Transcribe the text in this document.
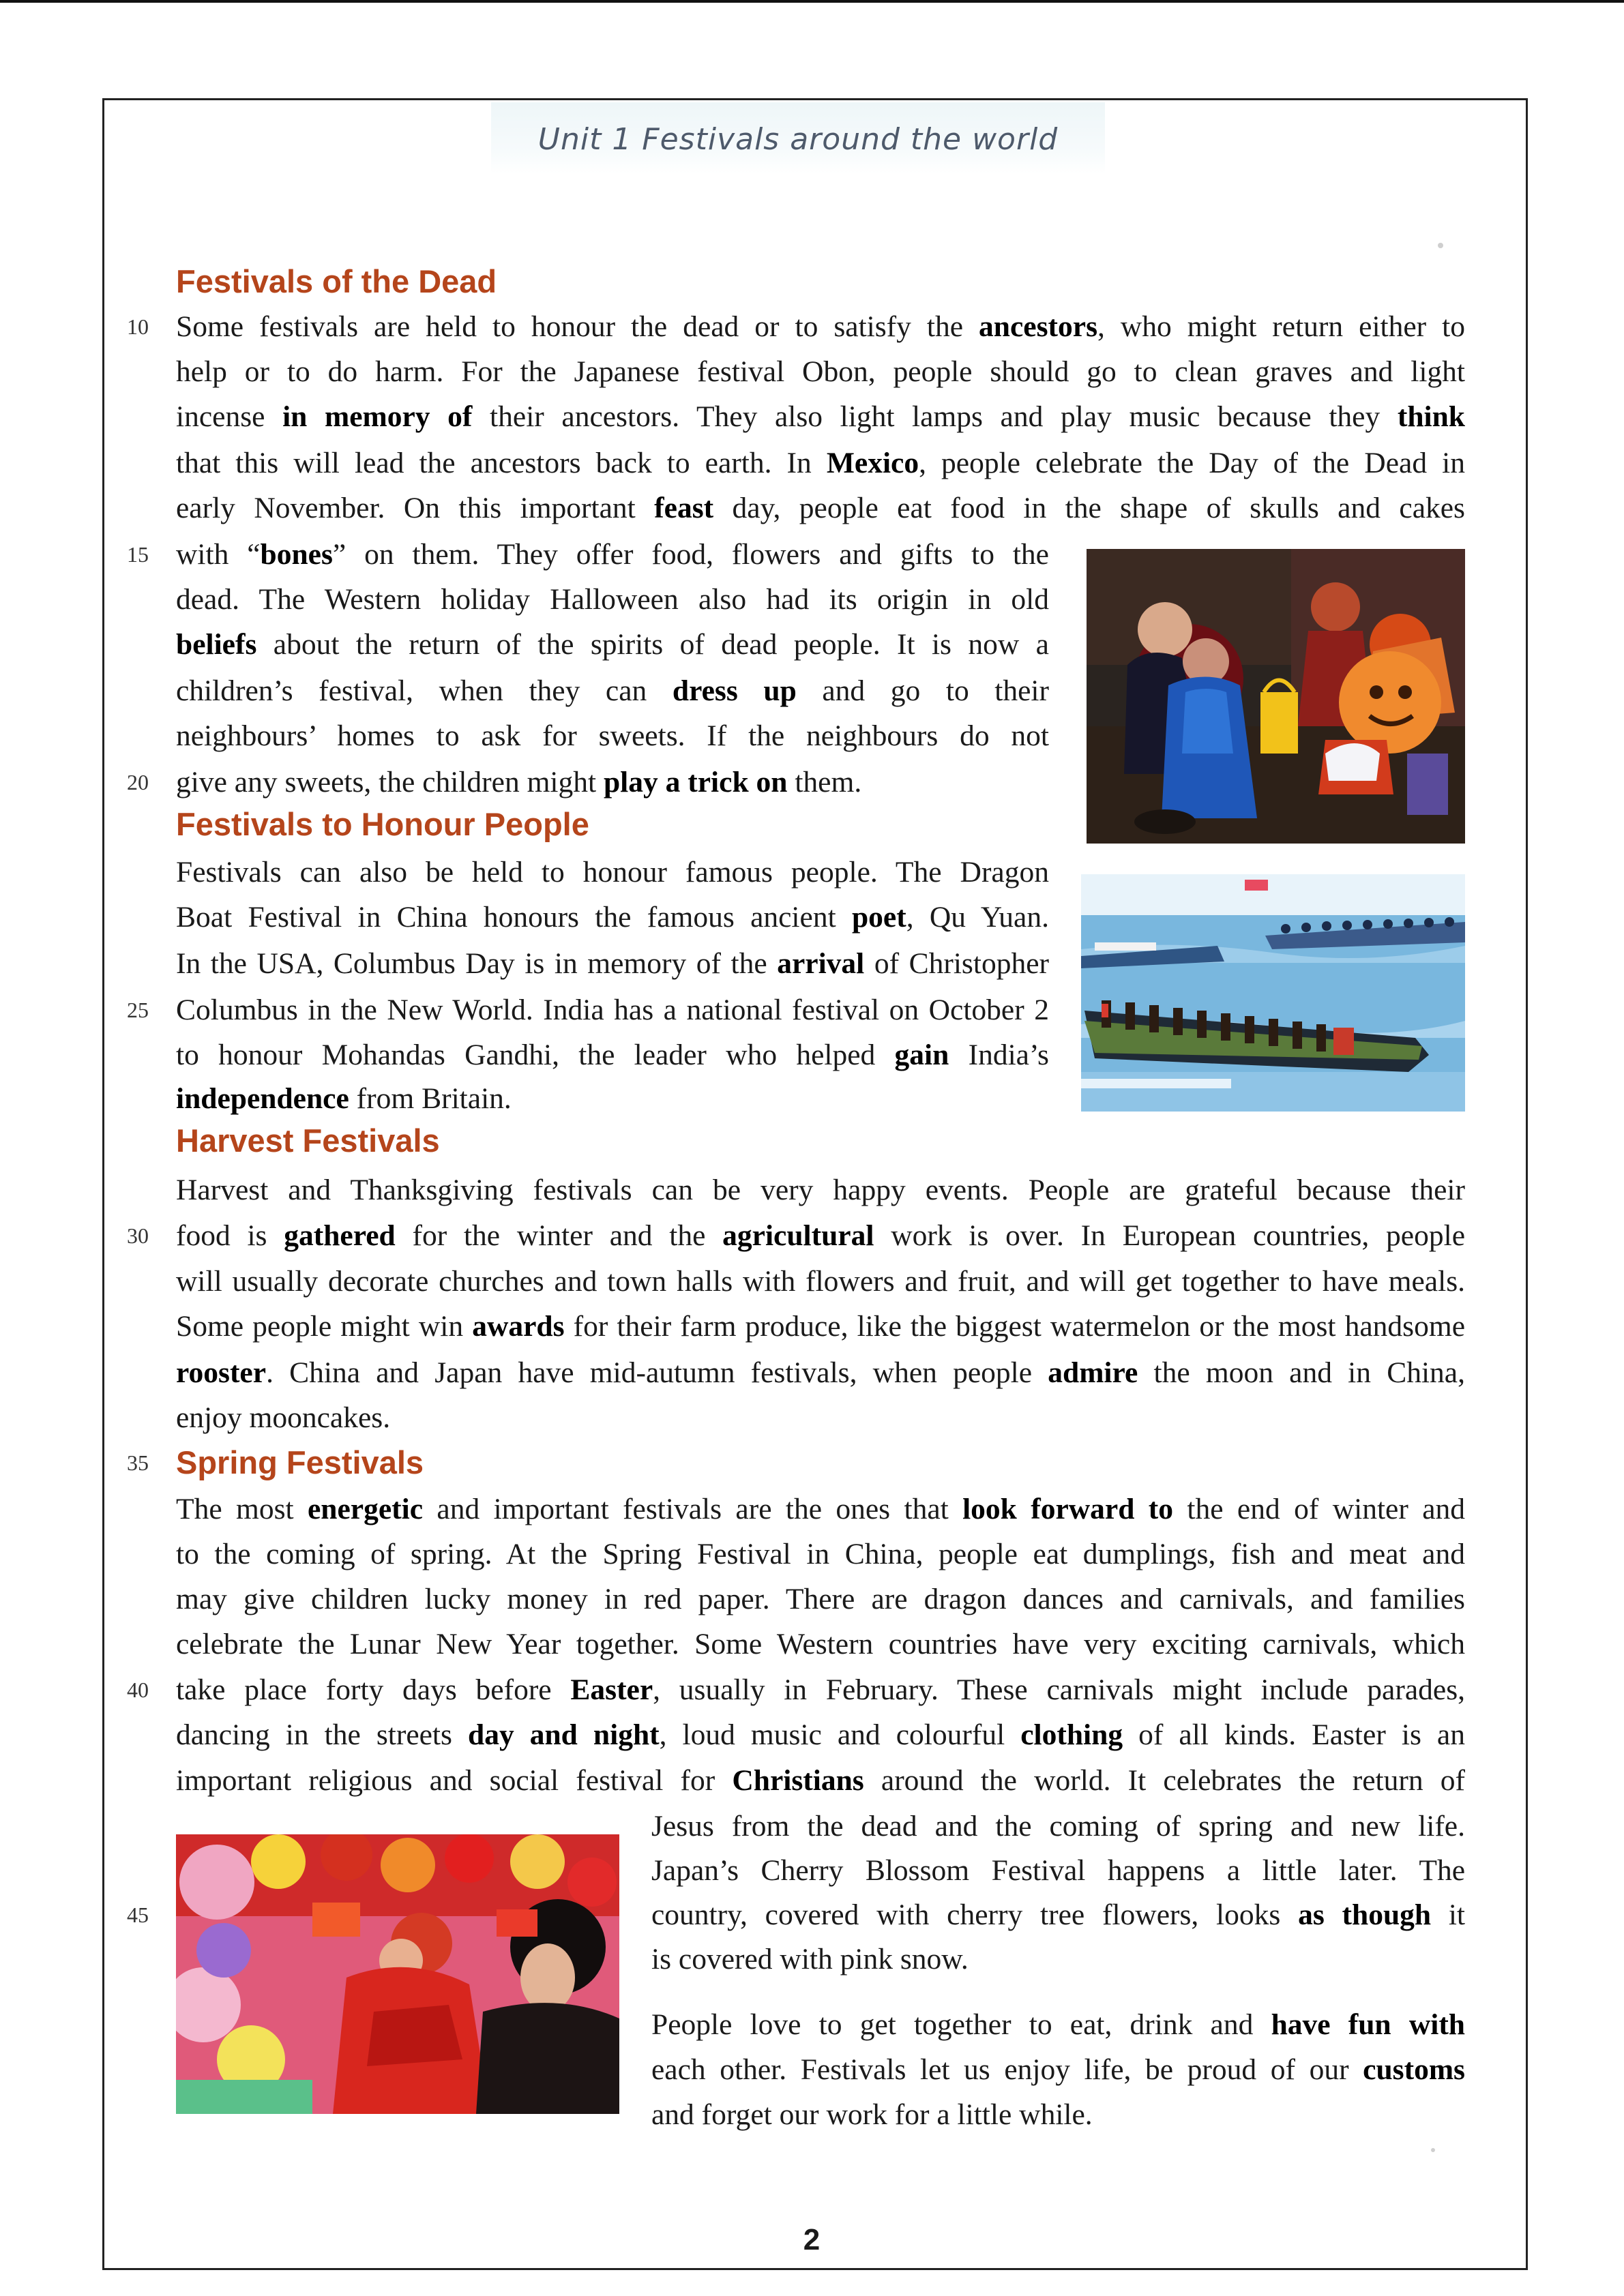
Unit 1 Festivals around the world
Festivals of the Dead
Festivals to Honour People
Harvest Festivals
Spring Festivals
10
15
20
25
30
35
40
45
Some festivals are held to honour the dead or to satisfy the ancestors, who might return either to
help or to do harm. For the Japanese festival Obon, people should go to clean graves and light
incense in memory of their ancestors. They also light lamps and play music because they think
that this will lead the ancestors back to earth. In Mexico, people celebrate the Day of the Dead in
early November. On this important feast day, people eat food in the shape of skulls and cakes
with “bones” on them. They offer food, flowers and gifts to the
dead. The Western holiday Halloween also had its origin in old
beliefs about the return of the spirits of dead people. It is now a
children’s festival, when they can dress up and go to their
neighbours’ homes to ask for sweets. If the neighbours do not
give any sweets, the children might play a trick on them.
Festivals can also be held to honour famous people. The Dragon
Boat Festival in China honours the famous ancient poet, Qu Yuan.
In the USA, Columbus Day is in memory of the arrival of Christopher
Columbus in the New World. India has a national festival on October 2
to honour Mohandas Gandhi, the leader who helped gain India’s
independence from Britain.
Harvest and Thanksgiving festivals can be very happy events. People are grateful because their
food is gathered for the winter and the agricultural work is over. In European countries, people
will usually decorate churches and town halls with flowers and fruit, and will get together to have meals.
Some people might win awards for their farm produce, like the biggest watermelon or the most handsome
rooster. China and Japan have mid-autumn festivals, when people admire the moon and in China,
enjoy mooncakes.
The most energetic and important festivals are the ones that look forward to the end of winter and
to the coming of spring. At the Spring Festival in China, people eat dumplings, fish and meat and
may give children lucky money in red paper. There are dragon dances and carnivals, and families
celebrate the Lunar New Year together. Some Western countries have very exciting carnivals, which
take place forty days before Easter, usually in February. These carnivals might include parades,
dancing in the streets day and night, loud music and colourful clothing of all kinds. Easter is an
important religious and social festival for Christians around the world. It celebrates the return of
Jesus from the dead and the coming of spring and new life.
Japan’s Cherry Blossom Festival happens a little later. The
country, covered with cherry tree flowers, looks as though it
is covered with pink snow.
People love to get together to eat, drink and have fun with
each other. Festivals let us enjoy life, be proud of our customs
and forget our work for a little while.
2
